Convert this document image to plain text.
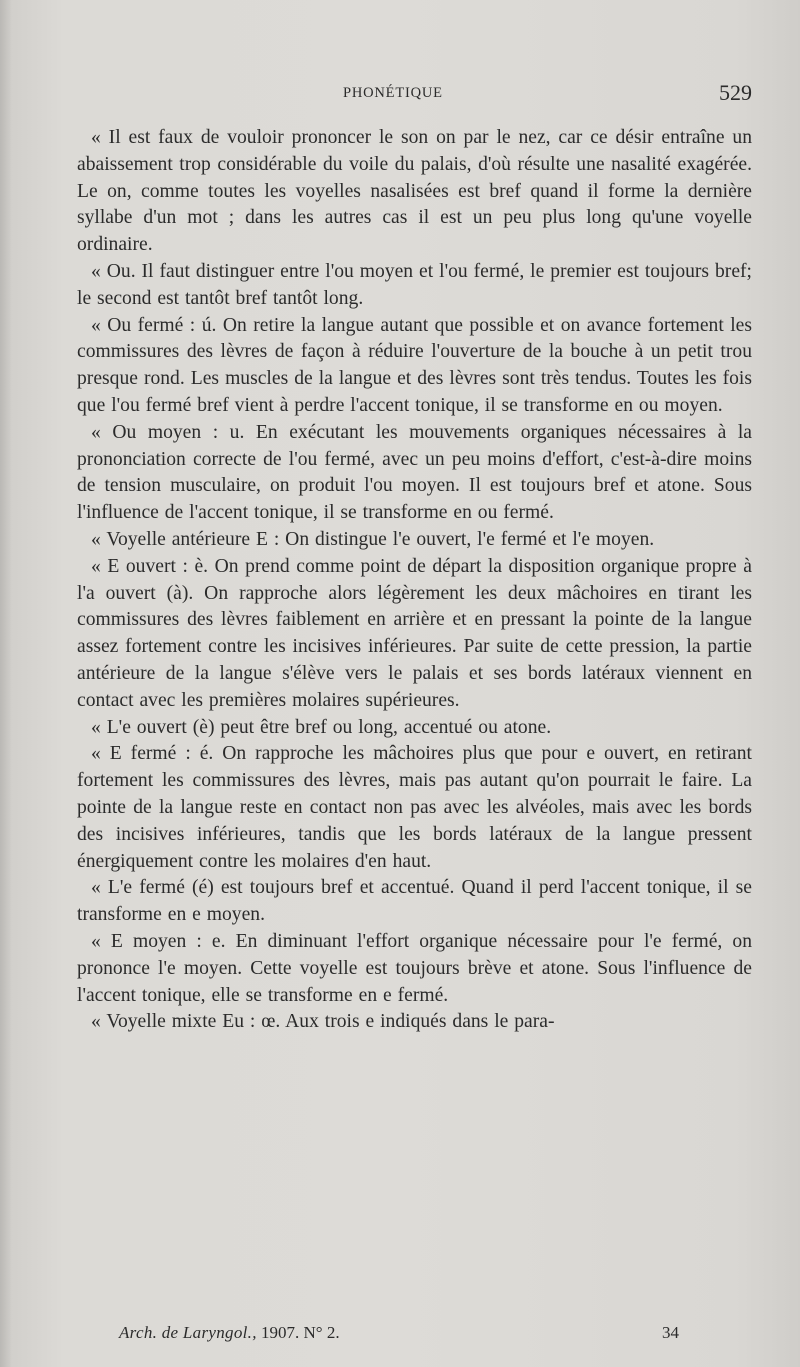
PHONÉTIQUE	529

« Il est faux de vouloir prononcer le son on par le nez, car ce désir entraîne un abaissement trop considérable du voile du palais, d'où résulte une nasalité exagérée. Le on, comme toutes les voyelles nasalisées est bref quand il forme la dernière syllabe d'un mot ; dans les autres cas il est un peu plus long qu'une voyelle ordinaire.

« Ou. Il faut distinguer entre l'ou moyen et l'ou fermé, le premier est toujours bref; le second est tantôt bref tantôt long.

« Ou fermé : ú. On retire la langue autant que possible et on avance fortement les commissures des lèvres de façon à réduire l'ouverture de la bouche à un petit trou presque rond. Les muscles de la langue et des lèvres sont très tendus. Toutes les fois que l'ou fermé bref vient à perdre l'accent tonique, il se transforme en ou moyen.

« Ou moyen : u. En exécutant les mouvements organiques nécessaires à la prononciation correcte de l'ou fermé, avec un peu moins d'effort, c'est-à-dire moins de tension musculaire, on produit l'ou moyen. Il est toujours bref et atone. Sous l'influence de l'accent tonique, il se transforme en ou fermé.

« Voyelle antérieure E : On distingue l'e ouvert, l'e fermé et l'e moyen.

« E ouvert : è. On prend comme point de départ la disposition organique propre à l'a ouvert (à). On rapproche alors légèrement les deux mâchoires en tirant les commissures des lèvres faiblement en arrière et en pressant la pointe de la langue assez fortement contre les incisives inférieures. Par suite de cette pression, la partie antérieure de la langue s'élève vers le palais et ses bords latéraux viennent en contact avec les premières molaires supérieures.

« L'e ouvert (è) peut être bref ou long, accentué ou atone.

« E fermé : é. On rapproche les mâchoires plus que pour e ouvert, en retirant fortement les commissures des lèvres, mais pas autant qu'on pourrait le faire. La pointe de la langue reste en contact non pas avec les alvéoles, mais avec les bords des incisives inférieures, tandis que les bords latéraux de la langue pressent énergiquement contre les molaires d'en haut.

« L'e fermé (é) est toujours bref et accentué. Quand il perd l'accent tonique, il se transforme en e moyen.

« E moyen : e. En diminuant l'effort organique nécessaire pour l'e fermé, on prononce l'e moyen. Cette voyelle est toujours brève et atone. Sous l'influence de l'accent tonique, elle se transforme en e fermé.

« Voyelle mixte Eu : œ. Aux trois e indiqués dans le para-

Arch. de Laryngol., 1907. N° 2.	34
